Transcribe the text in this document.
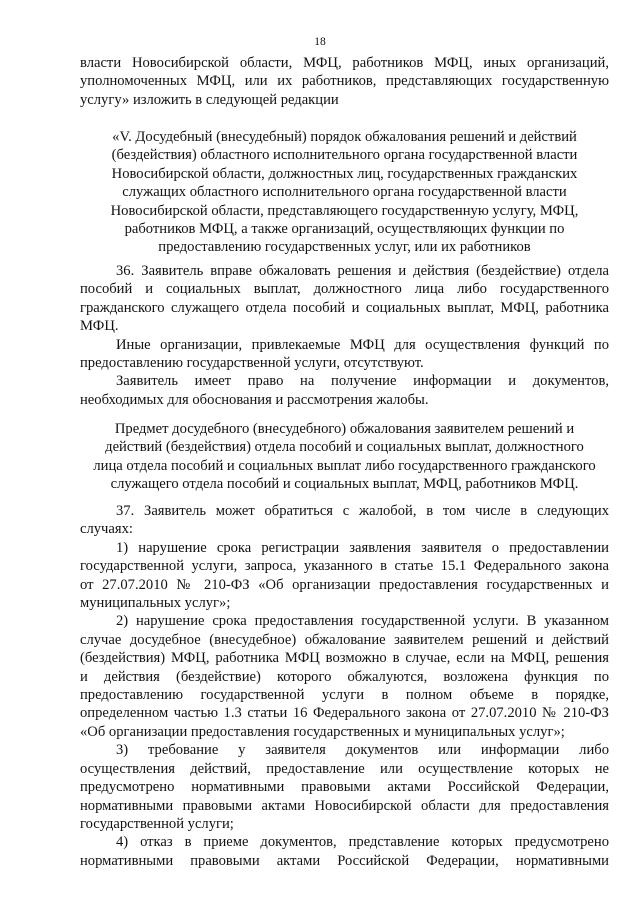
18

власти Новосибирской области, МФЦ, работников МФЦ, иных организаций,

уполномоченных МФЦ, или их работников, представляющих государственную

услугу» изложить в следующей редакции

«V. Досудебный (внесудебный) порядок обжалования решений и действий

(бездействия) областного исполнительного органа государственной власти

Новосибирской области, должностных лиц, государственных гражданских

служащих областного исполнительного органа государственной власти

Новосибирской области, представляющего государственную услугу, МФЦ,

работников МФЦ, а также организаций, осуществляющих функции по

предоставлению государственных услуг, или их работников

36. Заявитель вправе обжаловать решения и действия (бездействие) отдела

пособий и социальных выплат, должностного лица либо государственного

гражданского служащего отдела пособий и социальных выплат, МФЦ, работника

МФЦ.

Иные организации, привлекаемые МФЦ для осуществления функций по

предоставлению государственной услуги, отсутствуют.

Заявитель имеет право на получение информации и документов,

необходимых для обоснования и рассмотрения жалобы.

Предмет досудебного (внесудебного) обжалования заявителем решений и

действий (бездействия) отдела пособий и социальных выплат, должностного

лица отдела пособий и социальных выплат либо государственного гражданского

служащего отдела пособий и социальных выплат, МФЦ, работников МФЦ.

37. Заявитель может обратиться с жалобой, в том числе в следующих

случаях:

1) нарушение срока регистрации заявления заявителя о предоставлении

государственной услуги, запроса, указанного в статье 15.1 Федерального закона

от 27.07.2010 № 210-ФЗ «Об организации предоставления государственных и

муниципальных услуг»;

2) нарушение срока предоставления государственной услуги. В указанном

случае досудебное (внесудебное) обжалование заявителем решений и действий

(бездействия) МФЦ, работника МФЦ возможно в случае, если на МФЦ, решения

и действия (бездействие) которого обжалуются, возложена функция по

предоставлению государственной услуги в полном объеме в порядке,

определенном частью 1.3 статьи 16 Федерального закона от 27.07.2010 № 210-ФЗ

«Об организации предоставления государственных и муниципальных услуг»;

3) требование у заявителя документов или информации либо

осуществления действий, предоставление или осуществление которых не

предусмотрено нормативными правовыми актами Российской Федерации,

нормативными правовыми актами Новосибирской области для предоставления

государственной услуги;

4) отказ в приеме документов, представление которых предусмотрено

нормативными правовыми актами Российской Федерации, нормативными
